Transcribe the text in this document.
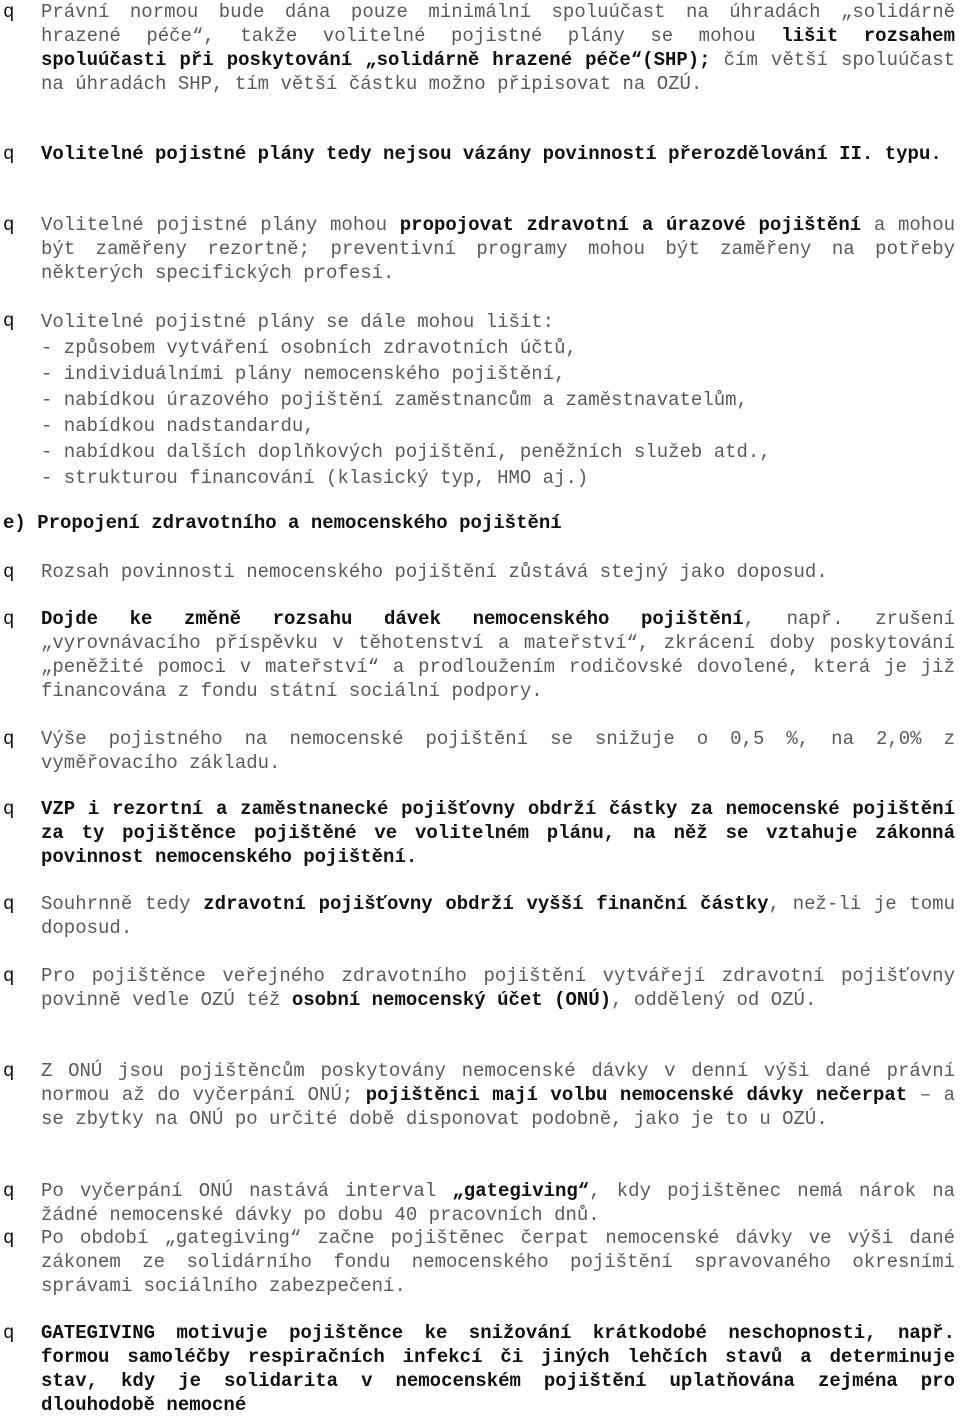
q Právní normou bude dána pouze minimální spoluúčast na úhradách „solidárně hrazené péče“, takže volitelné pojistné plány se mohou lišit rozsahem spoluúčasti při poskytování „solidárně hrazené péče“(SHP); čím větší spoluúčast na úhradách SHP, tím větší částku možno připisovat na OZÚ.

q Volitelné pojistné plány tedy nejsou vázány povinností přerozdělování II. typu.

q Volitelné pojistné plány mohou propojovat zdravotní a úrazové pojištění a mohou být zaměřeny rezortně; preventivní programy mohou být zaměřeny na potřeby některých specifických profesí.

q Volitelné pojistné plány se dále mohou lišit:
- způsobem vytváření osobních zdravotních účtů,
- individuálními plány nemocenského pojištění,
- nabídkou úrazového pojištění zaměstnancům a zaměstnavatelům,
- nabídkou nadstandardu,
- nabídkou dalších doplňkových pojištění, peněžních služeb atd.,
- strukturou financování (klasický typ, HMO aj.)

e) Propojení zdravotního a nemocenského pojištění
q Rozsah povinnosti nemocenského pojištění zůstává stejný jako doposud.

q Dojde ke změně rozsahu dávek nemocenského pojištění, např. zrušení „vyrovnávacího příspěvku v těhotenství a mateřství“, zkrácení doby poskytování „peněžité pomoci v mateřství“ a prodloužením rodičovské dovolené, která je již financována z fondu státní sociální podpory.

q Výše pojistného na nemocenské pojištění se snižuje o 0,5 %, na 2,0% z vyměřovacího základu.

q VZP i rezortní a zaměstnanecké pojišťovny obdrží částky za nemocenské pojištění za ty pojištěnce pojištěné ve volitelném plánu, na něž se vztahuje zákonná povinnost nemocenského pojištění.

q Souhrnně tedy zdravotní pojišťovny obdrží vyšší finanční částky, než-li je tomu doposud.

q Pro pojištěnce veřejného zdravotního pojištění vytvářejí zdravotní pojišťovny povinně vedle OZÚ též osobní nemocenský účet (ONÚ), oddělený od OZÚ.

q Z ONÚ jsou pojištěncům poskytovány nemocenské dávky v denní výši dané právní normou až do vyčerpání ONÚ; pojištěnci mají volbu nemocenské dávky nečerpat – a se zbytky na ONÚ po určité době disponovat podobně, jako je to u OZÚ.

q Po vyčerpání ONÚ nastává interval „gategiving“, kdy pojištěnec nemá nárok na žádné nemocenské dávky po dobu 40 pracovních dnů.

q Po období „gategiving“ začne pojištěnec čerpat nemocenské dávky ve výši dané zákonem ze solidárního fondu nemocenského pojištění spravovaného okresními správami sociálního zabezpečení.

q GATEGIVING motivuje pojištěnce ke snižování krátkodobé neschopnosti, např. formou samoléčby respiračních infekcí či jiných lehčích stavů a determinuje stav, kdy je solidarita v nemocenském pojištění uplatňována zejména pro dlouhodobě nemocné
